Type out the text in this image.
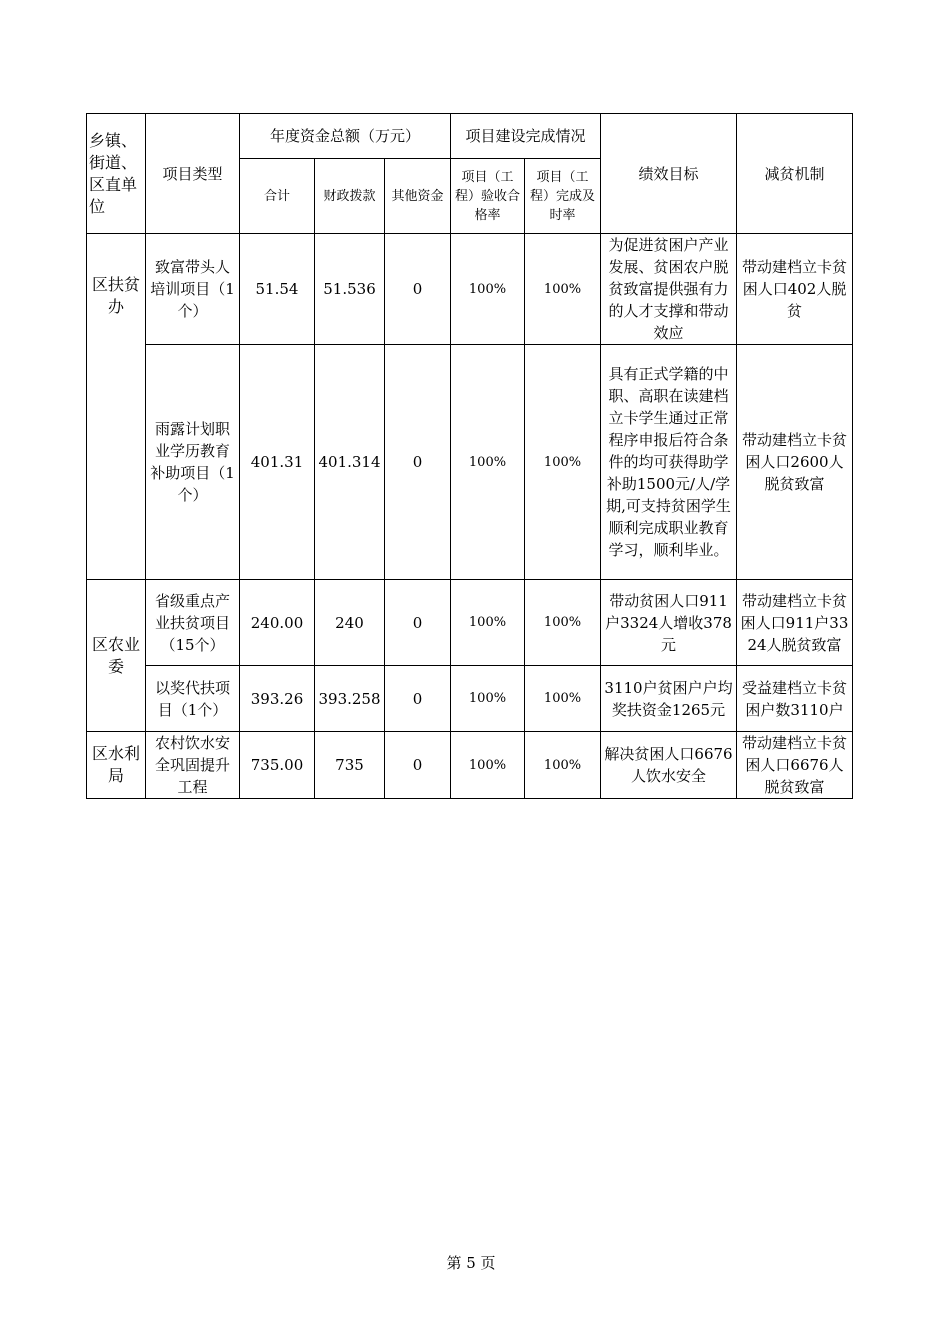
乡镇、街道、区直单位	项目类型	年度资金总额（万元）			项目建设完成情况		绩效目标	减贫机制
		合计	财政拨款	其他资金	项目（工程）验收合格率	项目（工程）完成及时率		
区扶贫办	致富带头人培训项目（1个）	51.54	51.536	0	100%	100%	为促进贫困户产业发展、贫困农户脱贫致富提供强有力的人才支撑和带动效应	带动建档立卡贫困人口402人脱贫
	雨露计划职业学历教育补助项目（1个）	401.31	401.314	0	100%	100%	具有正式学籍的中职、高职在读建档立卡学生通过正常程序申报后符合条件的均可获得助学补助1500元/人/学期,可支持贫困学生顺利完成职业教育学习，顺利毕业。	带动建档立卡贫困人口2600人脱贫致富
区农业委	省级重点产业扶贫项目（15个）	240.00	240	0	100%	100%	带动贫困人口911户3324人增收378元	带动建档立卡贫困人口911户3324人脱贫致富
	以奖代扶项目（1个）	393.26	393.258	0	100%	100%	3110户贫困户户均奖扶资金1265元	受益建档立卡贫困户数3110户
区水利局	农村饮水安全巩固提升工程	735.00	735	0	100%	100%	解决贫困人口6676人饮水安全	带动建档立卡贫困人口6676人脱贫致富
第 5 页
